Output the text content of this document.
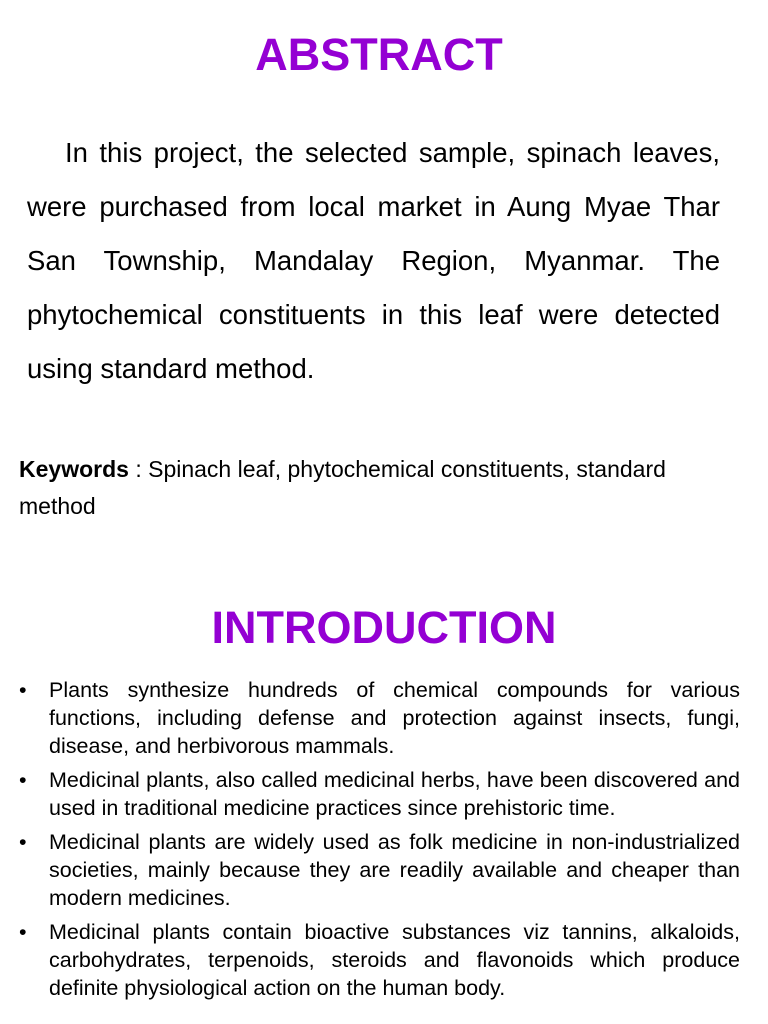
ABSTRACT

In this project, the selected sample, spinach leaves, were purchased from local market in Aung Myae Thar San Township, Mandalay Region, Myanmar. The phytochemical constituents in this leaf were detected using standard method.

Keywords : Spinach leaf, phytochemical constituents, standard method

INTRODUCTION
• Plants synthesize hundreds of chemical compounds for various functions, including defense and protection against insects, fungi, disease, and herbivorous mammals.
• Medicinal plants, also called medicinal herbs, have been discovered and used in traditional medicine practices since prehistoric time.
• Medicinal plants are widely used as folk medicine in non-industrialized societies, mainly because they are readily available and cheaper than modern medicines.
• Medicinal plants contain bioactive substances viz tannins, alkaloids, carbohydrates, terpenoids, steroids and flavonoids which produce definite physiological action on the human body.
